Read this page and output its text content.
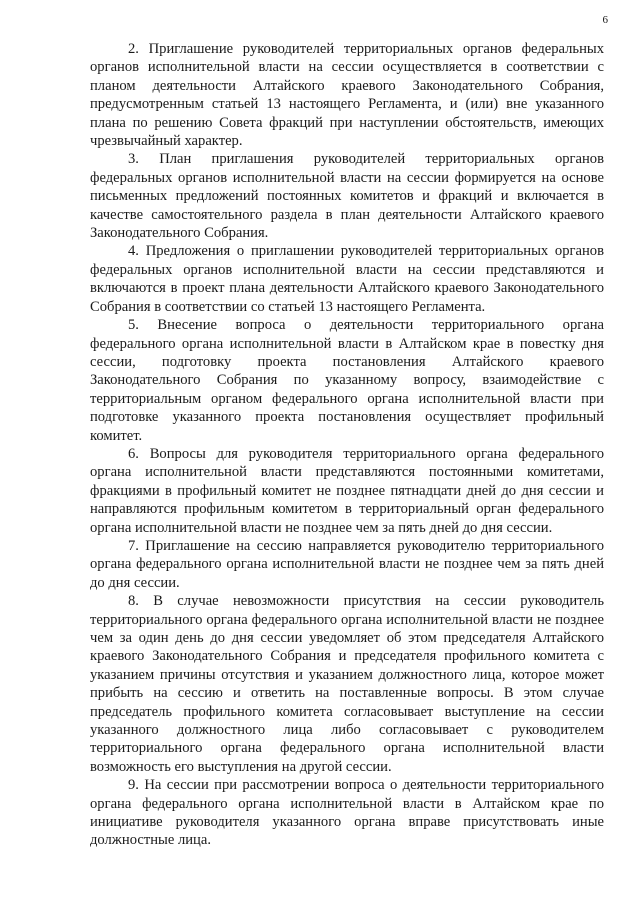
6

2. Приглашение руководителей территориальных органов федеральных органов исполнительной власти на сессии осуществляется в соответствии с планом деятельности Алтайского краевого Законодательного Собрания, предусмотренным статьей 13 настоящего Регламента, и (или) вне указанного плана по решению Совета фракций при наступлении обстоятельств, имеющих чрезвычайный характер.

3. План приглашения руководителей территориальных органов федеральных органов исполнительной власти на сессии формируется на основе письменных предложений постоянных комитетов и фракций и включается в качестве самостоятельного раздела в план деятельности Алтайского краевого Законодательного Собрания.

4. Предложения о приглашении руководителей территориальных органов федеральных органов исполнительной власти на сессии представляются и включаются в проект плана деятельности Алтайского краевого Законодательного Собрания в соответствии со статьей 13 настоящего Регламента.

5. Внесение вопроса о деятельности территориального органа федерального органа исполнительной власти в Алтайском крае в повестку дня сессии, подготовку проекта постановления Алтайского краевого Законодательного Собрания по указанному вопросу, взаимодействие с территориальным органом федерального органа исполнительной власти при подготовке указанного проекта постановления осуществляет профильный комитет.

6. Вопросы для руководителя территориального органа федерального органа исполнительной власти представляются постоянными комитетами, фракциями в профильный комитет не позднее пятнадцати дней до дня сессии и направляются профильным комитетом в территориальный орган федерального органа исполнительной власти не позднее чем за пять дней до дня сессии.

7. Приглашение на сессию направляется руководителю территориального органа федерального органа исполнительной власти не позднее чем за пять дней до дня сессии.

8. В случае невозможности присутствия на сессии руководитель территориального органа федерального органа исполнительной власти не позднее чем за один день до дня сессии уведомляет об этом председателя Алтайского краевого Законодательного Собрания и председателя профильного комитета с указанием причины отсутствия и указанием должностного лица, которое может прибыть на сессию и ответить на поставленные вопросы. В этом случае председатель профильного комитета согласовывает выступление на сессии указанного должностного лица либо согласовывает с руководителем территориального органа федерального органа исполнительной власти возможность его выступления на другой сессии.

9. На сессии при рассмотрении вопроса о деятельности территориального органа федерального органа исполнительной власти в Алтайском крае по инициативе руководителя указанного органа вправе присутствовать иные должностные лица.
